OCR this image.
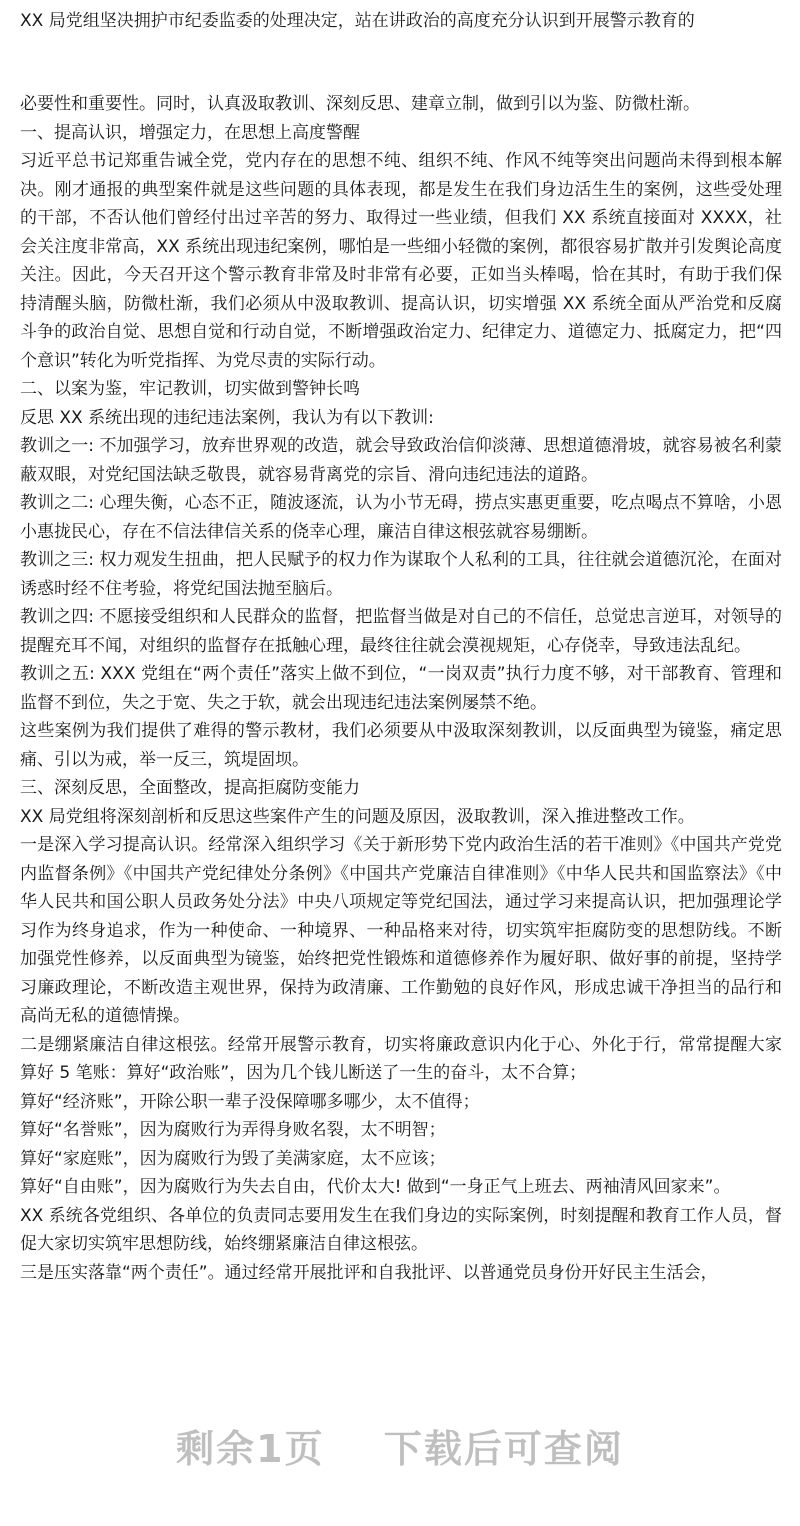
XX 局党组坚决拥护市纪委监委的处理决定，站在讲政治的高度充分认识到开展警示教育的

必要性和重要性。同时，认真汲取教训、深刻反思、建章立制，做到引以为鉴、防微杜渐。

一、提高认识，增强定力，在思想上高度警醒

习近平总书记郑重告诫全党，党内存在的思想不纯、组织不纯、作风不纯等突出问题尚未得到根本解决。刚才通报的典型案件就是这些问题的具体表现，都是发生在我们身边活生生的案例，这些受处理的干部，不否认他们曾经付出过辛苦的努力、取得过一些业绩，但我们 XX 系统直接面对 XXXX，社会关注度非常高，XX 系统出现违纪案例，哪怕是一些细小轻微的案例，都很容易扩散并引发舆论高度关注。因此，今天召开这个警示教育非常及时非常有必要，正如当头棒喝，恰在其时，有助于我们保持清醒头脑，防微杜渐，我们必须从中汲取教训、提高认识，切实增强 XX 系统全面从严治党和反腐斗争的政治自觉、思想自觉和行动自觉，不断增强政治定力、纪律定力、道德定力、抵腐定力，把“四个意识”转化为听党指挥、为党尽责的实际行动。

二、以案为鉴，牢记教训，切实做到警钟长鸣

反思 XX 系统出现的违纪违法案例，我认为有以下教训:

教训之一: 不加强学习，放弃世界观的改造，就会导致政治信仰淡薄、思想道德滑坡，就容易被名利蒙蔽双眼，对党纪国法缺乏敬畏，就容易背离党的宗旨、滑向违纪违法的道路。

教训之二: 心理失衡，心态不正，随波逐流，认为小节无碍，捞点实惠更重要，吃点喝点不算啥，小恩小惠拢民心，存在不信法律信关系的侥幸心理，廉洁自律这根弦就容易绷断。

教训之三: 权力观发生扭曲，把人民赋予的权力作为谋取个人私利的工具，往往就会道德沉沦，在面对诱惑时经不住考验，将党纪国法抛至脑后。

教训之四: 不愿接受组织和人民群众的监督，把监督当做是对自己的不信任，总觉忠言逆耳，对领导的提醒充耳不闻，对组织的监督存在抵触心理，最终往往就会漠视规矩，心存侥幸，导致违法乱纪。

教训之五: XXX 党组在“两个责任”落实上做不到位，“一岗双责”执行力度不够，对干部教育、管理和监督不到位，失之于宽、失之于软，就会出现违纪违法案例屡禁不绝。

这些案例为我们提供了难得的警示教材，我们必须要从中汲取深刻教训，以反面典型为镜鉴，痛定思痛、引以为戒，举一反三，筑堤固坝。

三、深刻反思，全面整改，提高拒腐防变能力

XX 局党组将深刻剖析和反思这些案件产生的问题及原因，汲取教训，深入推进整改工作。

一是深入学习提高认识。经常深入组织学习《关于新形势下党内政治生活的若干准则》《中国共产党党内监督条例》《中国共产党纪律处分条例》《中国共产党廉洁自律准则》《中华人民共和国监察法》《中华人民共和国公职人员政务处分法》中央八项规定等党纪国法，通过学习来提高认识，把加强理论学习作为终身追求，作为一种使命、一种境界、一种品格来对待，切实筑牢拒腐防变的思想防线。不断加强党性修养，以反面典型为镜鉴，始终把党性锻炼和道德修养作为履好职、做好事的前提，坚持学习廉政理论，不断改造主观世界，保持为政清廉、工作勤勉的良好作风，形成忠诚干净担当的品行和高尚无私的道德情操。

二是绷紧廉洁自律这根弦。经常开展警示教育，切实将廉政意识内化于心、外化于行，常常提醒大家算好 5 笔账：算好“政治账”，因为几个钱儿断送了一生的奋斗，太不合算；

算好“经济账”，开除公职一辈子没保障哪多哪少，太不值得；

算好“名誉账”，因为腐败行为弄得身败名裂，太不明智；

算好“家庭账”，因为腐败行为毁了美满家庭，太不应该；

算好“自由账”，因为腐败行为失去自由，代价太大! 做到“一身正气上班去、两袖清风回家来”。

XX 系统各党组织、各单位的负责同志要用发生在我们身边的实际案例，时刻提醒和教育工作人员，督促大家切实筑牢思想防线，始终绷紧廉洁自律这根弦。

三是压实落靠“两个责任”。通过经常开展批评和自我批评、以普通党员身份开好民主生活会，

剩余1页 下载后可查阅
